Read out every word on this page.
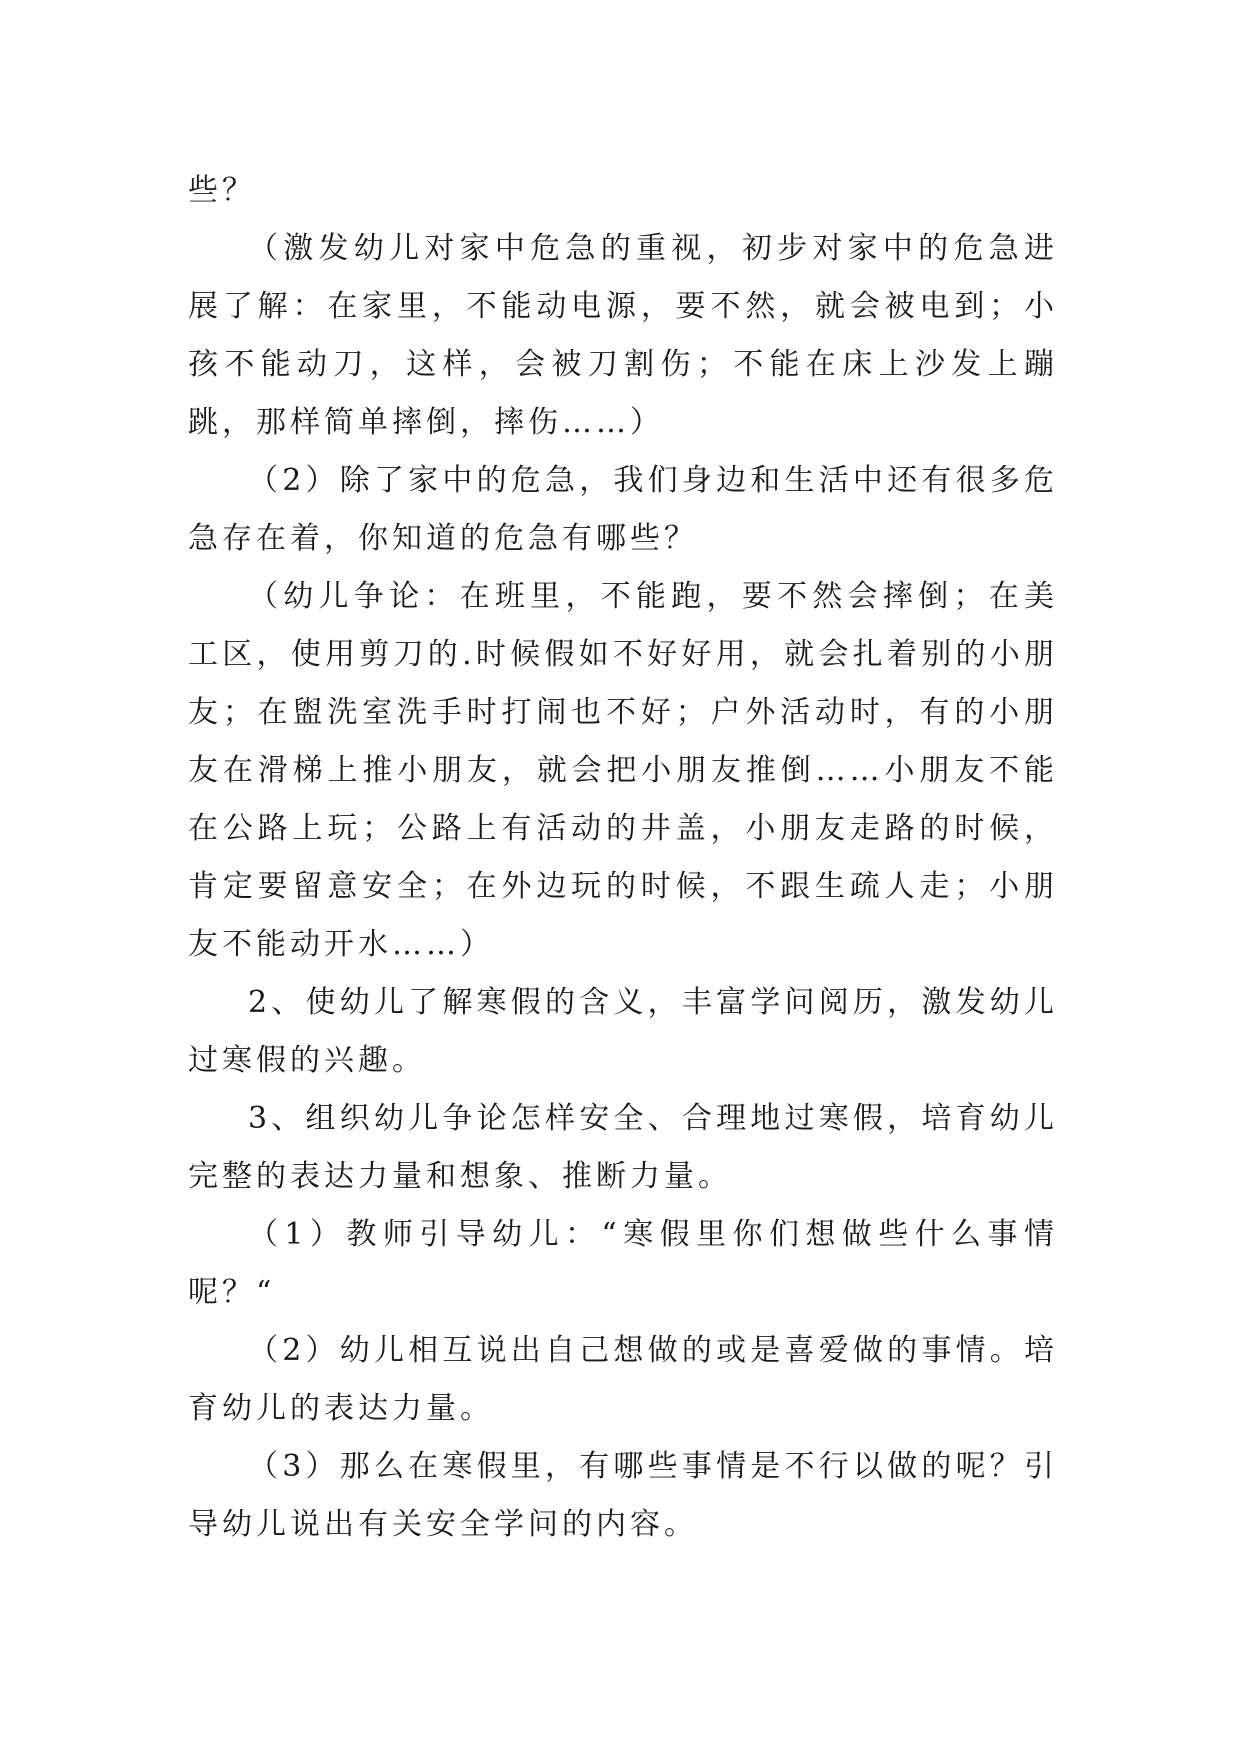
些？

（激发幼儿对家中危急的重视，初步对家中的危急进展了解：在家里，不能动电源，要不然，就会被电到；小孩不能动刀，这样，会被刀割伤；不能在床上沙发上蹦跳，那样简单摔倒，摔伤……）

（2）除了家中的危急，我们身边和生活中还有很多危急存在着，你知道的危急有哪些？

（幼儿争论：在班里，不能跑，要不然会摔倒；在美工区，使用剪刀的.时候假如不好好用，就会扎着别的小朋友；在盥洗室洗手时打闹也不好；户外活动时，有的小朋友在滑梯上推小朋友，就会把小朋友推倒……小朋友不能在公路上玩；公路上有活动的井盖，小朋友走路的时候，肯定要留意安全；在外边玩的时候，不跟生疏人走；小朋友不能动开水……）

2、使幼儿了解寒假的含义，丰富学问阅历，激发幼儿过寒假的兴趣。

3、组织幼儿争论怎样安全、合理地过寒假，培育幼儿完整的表达力量和想象、推断力量。

（1）教师引导幼儿：“寒假里你们想做些什么事情呢？“

（2）幼儿相互说出自己想做的或是喜爱做的事情。培育幼儿的表达力量。

（3）那么在寒假里，有哪些事情是不行以做的呢？引导幼儿说出有关安全学问的内容。
